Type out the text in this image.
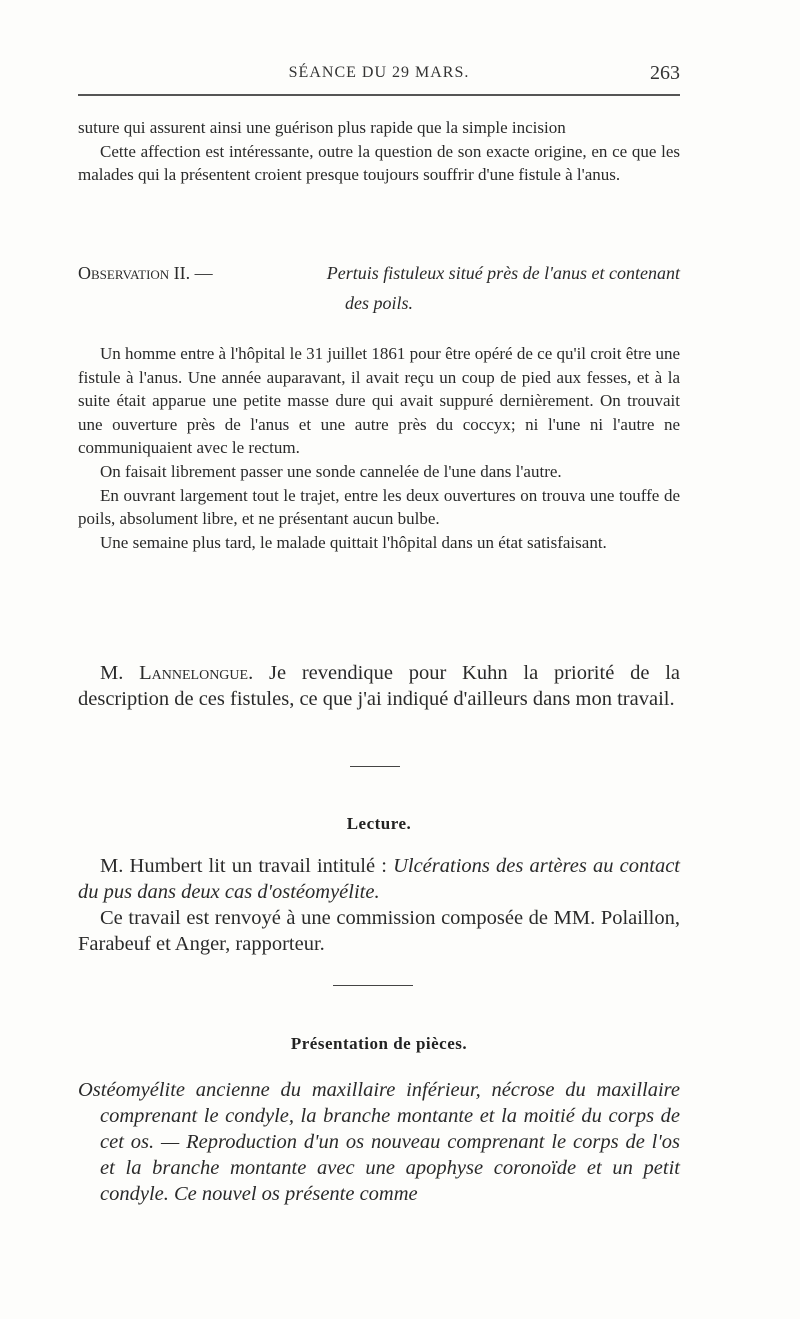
SÉANCE DU 29 MARS.	263

suture qui assurent ainsi une guérison plus rapide que la simple incision

Cette affection est intéressante, outre la question de son exacte origine, en ce que les malades qui la présentent croient presque toujours souffrir d'une fistule à l'anus.

Observation II. —	Pertuis fistuleux situé près de l'anus et contenant
des poils.

Un homme entre à l'hôpital le 31 juillet 1861 pour être opéré de ce qu'il croit être une fistule à l'anus. Une année auparavant, il avait reçu un coup de pied aux fesses, et à la suite était apparue une petite masse dure qui avait suppuré dernièrement. On trouvait une ouverture près de l'anus et une autre près du coccyx; ni l'une ni l'autre ne communiquaient avec le rectum.

On faisait librement passer une sonde cannelée de l'une dans l'autre.

En ouvrant largement tout le trajet, entre les deux ouvertures on trouva une touffe de poils, absolument libre, et ne présentant aucun bulbe.

Une semaine plus tard, le malade quittait l'hôpital dans un état satisfaisant.

M. Lannelongue. Je revendique pour Kuhn la priorité de la description de ces fistules, ce que j'ai indiqué d'ailleurs dans mon travail.

Lecture.

M. Humbert lit un travail intitulé : Ulcérations des artères au contact du pus dans deux cas d'ostéomyélite.

Ce travail est renvoyé à une commission composée de MM. Polaillon, Farabeuf et Anger, rapporteur.

Présentation de pièces.

Ostéomyélite ancienne du maxillaire inférieur, nécrose du maxillaire comprenant le condyle, la branche montante et la moitié du corps de cet os. — Reproduction d'un os nouveau comprenant le corps de l'os et la branche montante avec une apophyse coronoïde et un petit condyle. Ce nouvel os présente comme
